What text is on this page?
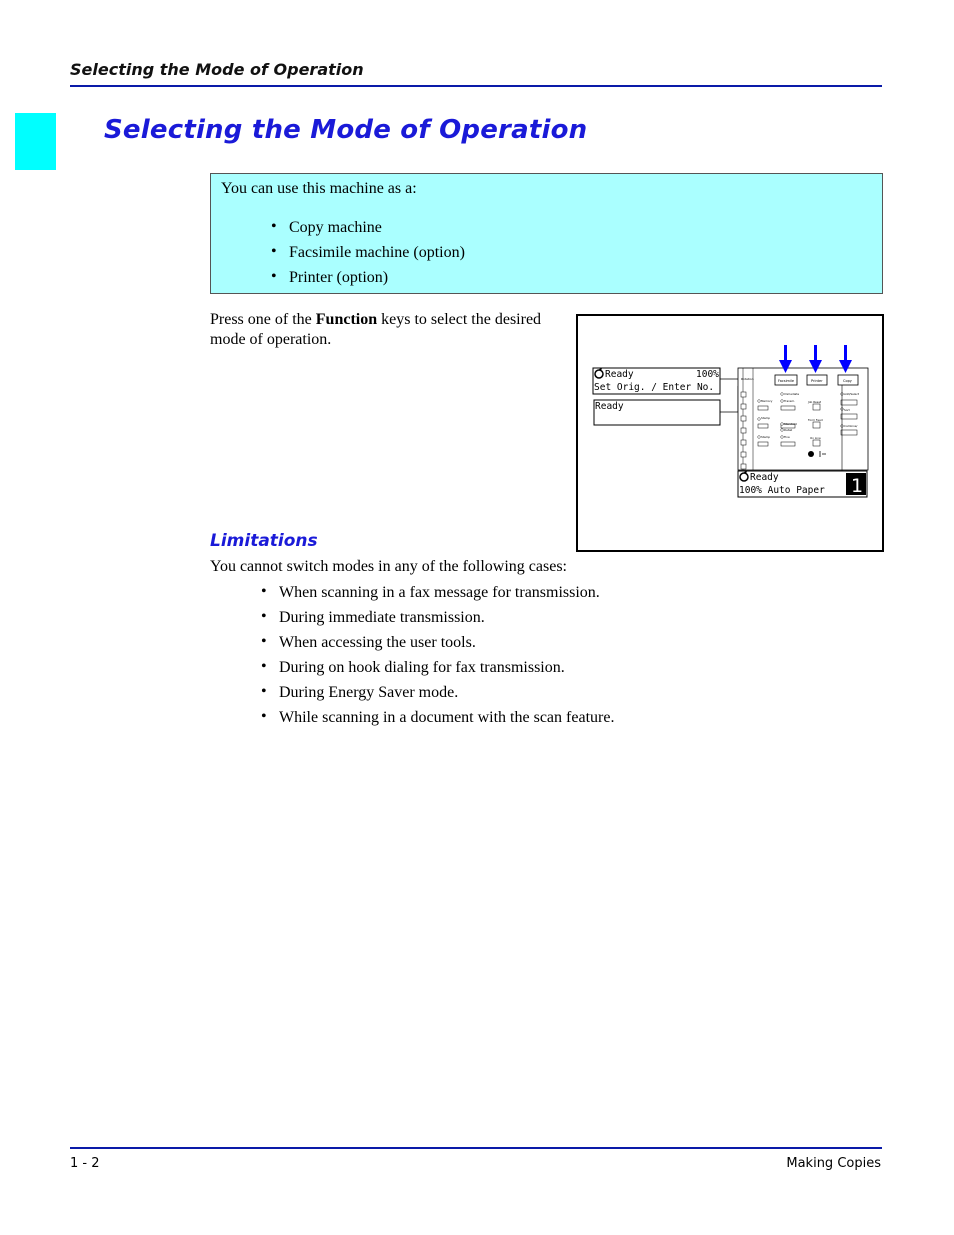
Selecting the Mode of Operation
Selecting the Mode of Operation
You can use this machine as a:
• Copy machine
• Facsimile machine (option)
• Printer (option)
Press one of the Function keys to select the desired mode of operation.
Ready	100%
Set Orig. / Enter No.
Ready
Rotation	Facsimile	Printer	Copy
Memory
Immediate
Transm.
Stamp
Standard
Detail
Stamp	Fine
Job Reset
Form Feed
On Line
Add/Select
Sort
Combine/
Ready
100% Auto Paper 1
Limitations
You cannot switch modes in any of the following cases:
• When scanning in a fax message for transmission.
• During immediate transmission.
• When accessing the user tools.
• During on hook dialing for fax transmission.
• During Energy Saver mode.
• While scanning in a document with the scan feature.
1 - 2	Making Copies
